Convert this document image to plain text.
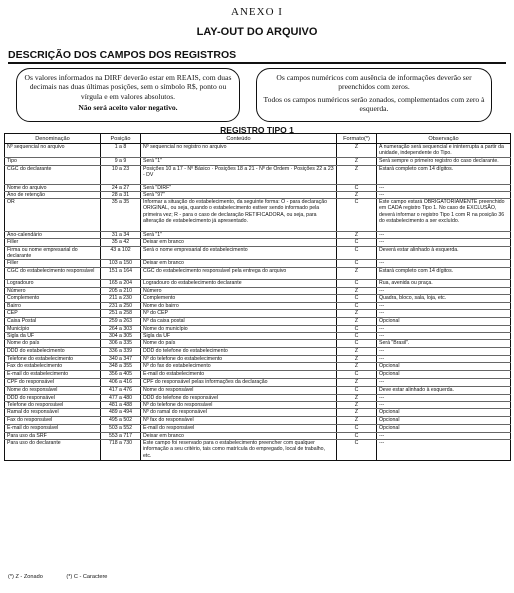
ANEXO I
LAY-OUT DO ARQUIVO
DESCRIÇÃO DOS CAMPOS DOS REGISTROS

Os valores informados na DIRF deverão estar em REAIS, com duas decimais nas duas últimas posições, sem o símbolo R$, ponto ou vírgula e em valores absolutos.

Não será aceito valor negativo.

Os campos numéricos com ausência de informações deverão ser preenchidos com zeros.

Todos os campos numéricos serão zonados, complementados com zero à esquerda.

REGISTRO TIPO 1
Denominação	Posição	Conteúdo	Formato(*)	Observação
Nº sequencial no arquivo	1 a 8	Nº sequencial no registro no arquivo	Z	A numeração será sequencial e ininterrupta a partir da unidade, independente do Tipo.
Tipo	9 a 9	Será "1"	Z	Será sempre o primeiro registro do caso declarante.
CGC do declarante	10 a 23	Posições 10 a 17 - Nº Básico · Posições 18 a 21 - Nº de Ordem · Posições 22 a 23 - DV	Z	Estará completo com 14 dígitos.
Nome do arquivo	24 a 27	Será "DIRF"	C	---
Ano de retenção	28 a 31	Será "97"	Z	---
OR	35 a 35	Informar a situação do estabelecimento, da seguinte forma: O - para declaração ORIGINAL, ou seja, quando o estabelecimento estiver sendo informado pela primeira vez; R - para o caso de declaração RETIFICADORA, ou seja, para alteração de estabelecimento já apresentado.	C	Este campo estará OBRIGATORIAMENTE preenchido em CADA registro Tipo 1. No caso de EXCLUSÃO, deverá informar o registro Tipo 1 com R na posição 36 do estabelecimento a ser excluído.
Ano-calendário	31 a 34	Será "1"	Z	---
Filler	35 a 42	Deixar em branco	C	---
Firma ou nome empresarial do declarante	43 a 102	Será o nome empresarial do estabelecimento	C	Deverá estar alinhado à esquerda.
Filler	103 a 150	Deixar em branco	C	---
CGC do estabelecimento responsável	151 a 164	CGC do estabelecimento responsável pela entrega do arquivo	Z	Estará completo com 14 dígitos.
Logradouro	165 a 204	Logradouro do estabelecimento declarante	C	Rua, avenida ou praça.
Número	205 a 210	Número	Z	---
Complemento	211 a 230	Complemento	C	Quadra, bloco, sala, loja, etc.
Bairro	231 a 250	Nome do bairro	C	---
CEP	251 a 258	Nº do CEP	Z	---
Caixa Postal	259 a 263	Nº da caixa postal	Z	Opcional
Município	264 a 303	Nome do município	C	---
Sigla da UF	304 a 305	Sigla da UF	C	---
Nome do país	306 a 335	Nome do país	C	Será "Brasil".
DDD do estabelecimento	336 a 339	DDD do telefone do estabelecimento	Z	---
Telefone do estabelecimento	340 a 347	Nº do telefone do estabelecimento	Z	---
Fax do estabelecimento	348 a 355	Nº do fax do estabelecimento	Z	Opcional
E-mail do estabelecimento	356 a 405	E-mail do estabelecimento	C	Opcional
CPF do responsável	406 a 416	CPF do responsável pelas informações da declaração	Z	---
Nome do responsável	417 a 476	Nome do responsável	C	Deve estar alinhado à esquerda.
DDD do responsável	477 a 480	DDD do telefone do responsável	Z	---
Telefone do responsável	481 a 488	Nº do telefone do responsável	Z	---
Ramal do responsável	489 a 494	Nº do ramal do responsável	Z	Opcional
Fax do responsável	495 a 502	Nº fax do responsável	Z	Opcional
E-mail do responsável	503 a 552	E-mail do responsável	C	Opcional
Para uso da SRF	553 a 717	Deixar em branco	C	---
Para uso do declarante	718 a 730	Este campo foi reservado para o estabelecimento preencher com qualquer informação a seu critério, tais como matrícula do empregado, local de trabalho, etc.	C	---
(*) Z - Zonado	(*) C - Caractere
